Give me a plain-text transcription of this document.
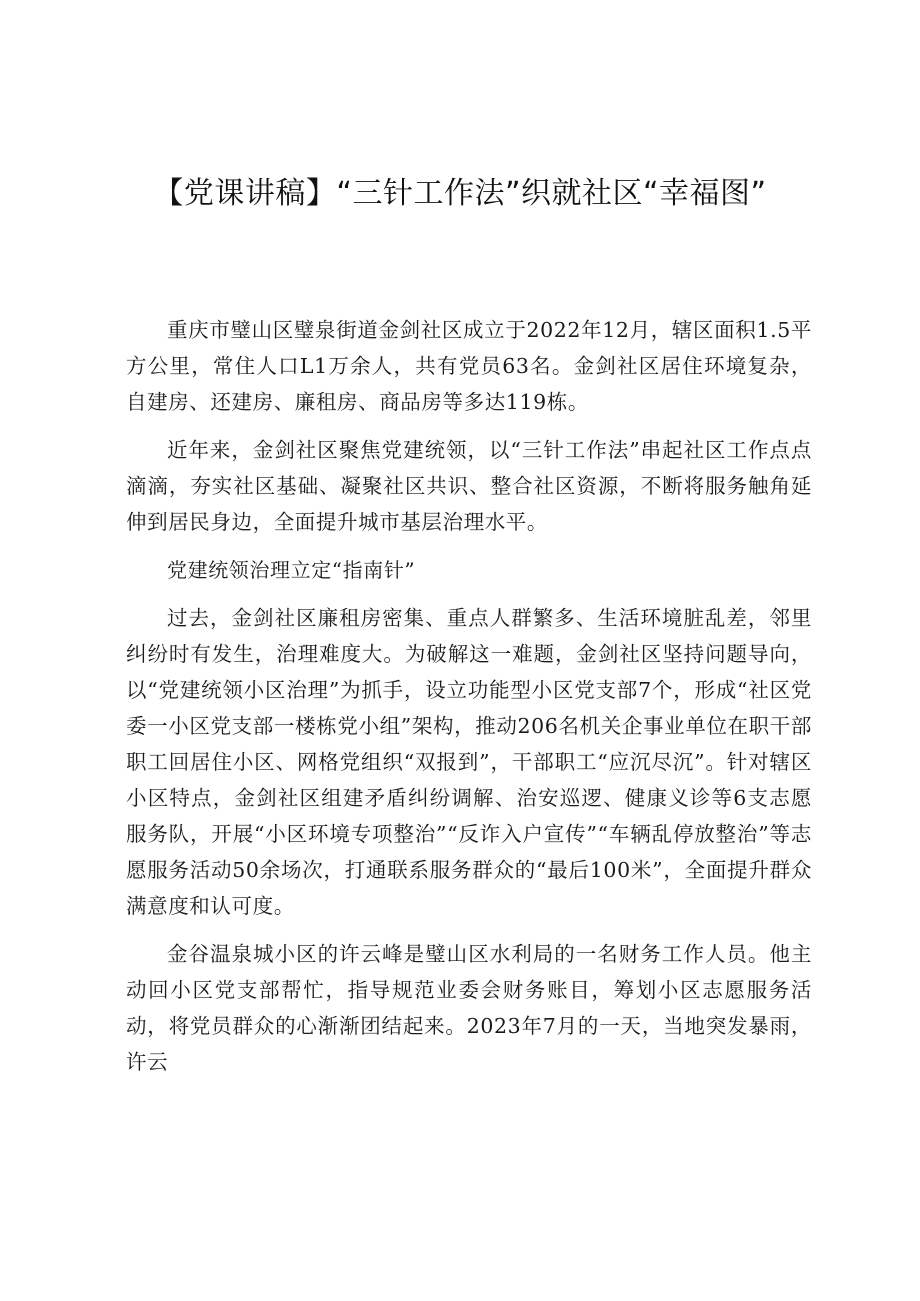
【党课讲稿】“三针工作法”织就社区“幸福图”

重庆市璧山区璧泉街道金剑社区成立于2022年12月，辖区面积1.5平方公里，常住人口L1万余人，共有党员63名。金剑社区居住环境复杂，自建房、还建房、廉租房、商品房等多达119栋。

近年来，金剑社区聚焦党建统领，以“三针工作法”串起社区工作点点滴滴，夯实社区基础、凝聚社区共识、整合社区资源，不断将服务触角延伸到居民身边，全面提升城市基层治理水平。

党建统领治理立定“指南针”

过去，金剑社区廉租房密集、重点人群繁多、生活环境脏乱差，邻里纠纷时有发生，治理难度大。为破解这一难题，金剑社区坚持问题导向，以“党建统领小区治理”为抓手，设立功能型小区党支部7个，形成“社区党委一小区党支部一楼栋党小组”架构，推动206名机关企事业单位在职干部职工回居住小区、网格党组织“双报到”，干部职工“应沉尽沉”。针对辖区小区特点，金剑社区组建矛盾纠纷调解、治安巡逻、健康义诊等6支志愿服务队，开展“小区环境专项整治”“反诈入户宣传”“车辆乱停放整治”等志愿服务活动50余场次，打通联系服务群众的“最后100米”，全面提升群众满意度和认可度。

金谷温泉城小区的许云峰是璧山区水利局的一名财务工作人员。他主动回小区党支部帮忙，指导规范业委会财务账目，筹划小区志愿服务活动，将党员群众的心渐渐团结起来。2023年7月的一天，当地突发暴雨，许云
